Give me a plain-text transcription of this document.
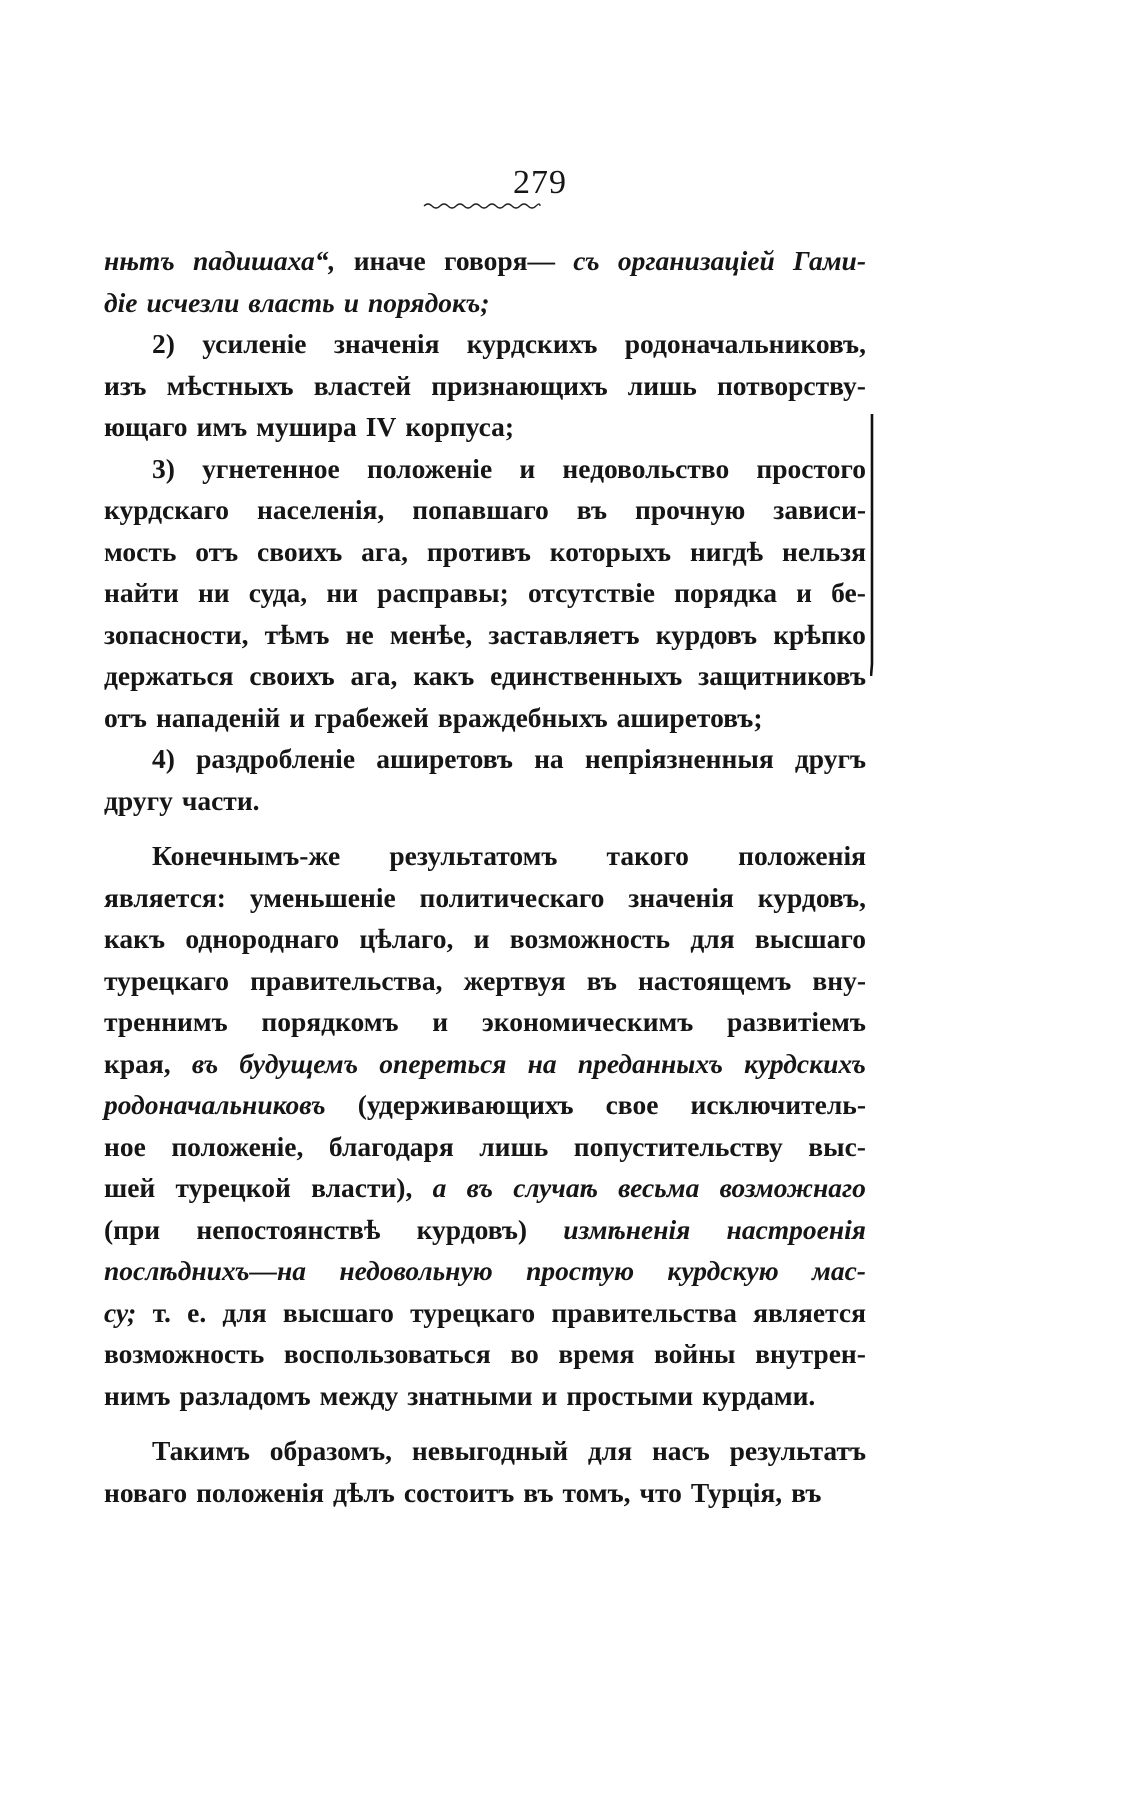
279
нњтъ падишаха“, иначе говоря— съ организацiей Гами-
дiе исчезли власть и порядокъ;
2) усиленiе значенiя курдскихъ родоначальниковъ,
изъ мѣстныхъ властей признающихъ лишь потворству-
ющаго имъ мушира IV корпуса;
3) угнетенное положенiе и недовольство простого
курдскаго населенiя, попавшаго въ прочную зависи-
мость отъ своихъ ага, противъ которыхъ нигдѣ нельзя
найти ни суда, ни расправы; отсутствiе порядка и бе-
зопасности, тѣмъ не менѣе, заставляетъ курдовъ крѣпко
держаться своихъ ага, какъ единственныхъ защитниковъ
отъ нападенiй и грабежей враждебныхъ аширетовъ;
4) раздробленiе аширетовъ на непрiязненныя другъ
другу части.
Конечнымъ-же результатомъ такого положенiя
является: уменьшенiе политическаго значенiя курдовъ,
какъ однороднаго цѣлаго, и возможность для высшаго
турецкаго правительства, жертвуя въ настоящемъ вну-
треннимъ порядкомъ и экономическимъ развитiемъ
края, въ будущемъ опереться на преданныхъ курдскихъ
родоначальниковъ (удерживающихъ свое исключитель-
ное положенiе, благодаря лишь попустительству выс-
шей турецкой власти), а въ случаѣ весьма возможнаго
(при непостоянствѣ курдовъ) измѣненiя настроенiя
послѣднихъ—на недовольную простую курдскую мас-
су; т. е. для высшаго турецкаго правительства является
возможность воспользоваться во время войны внутрен-
нимъ разладомъ между знатными и простыми курдами.
Такимъ образомъ, невыгодный для насъ результатъ
новаго положенiя дѣлъ состоитъ въ томъ, что Турцiя, въ
